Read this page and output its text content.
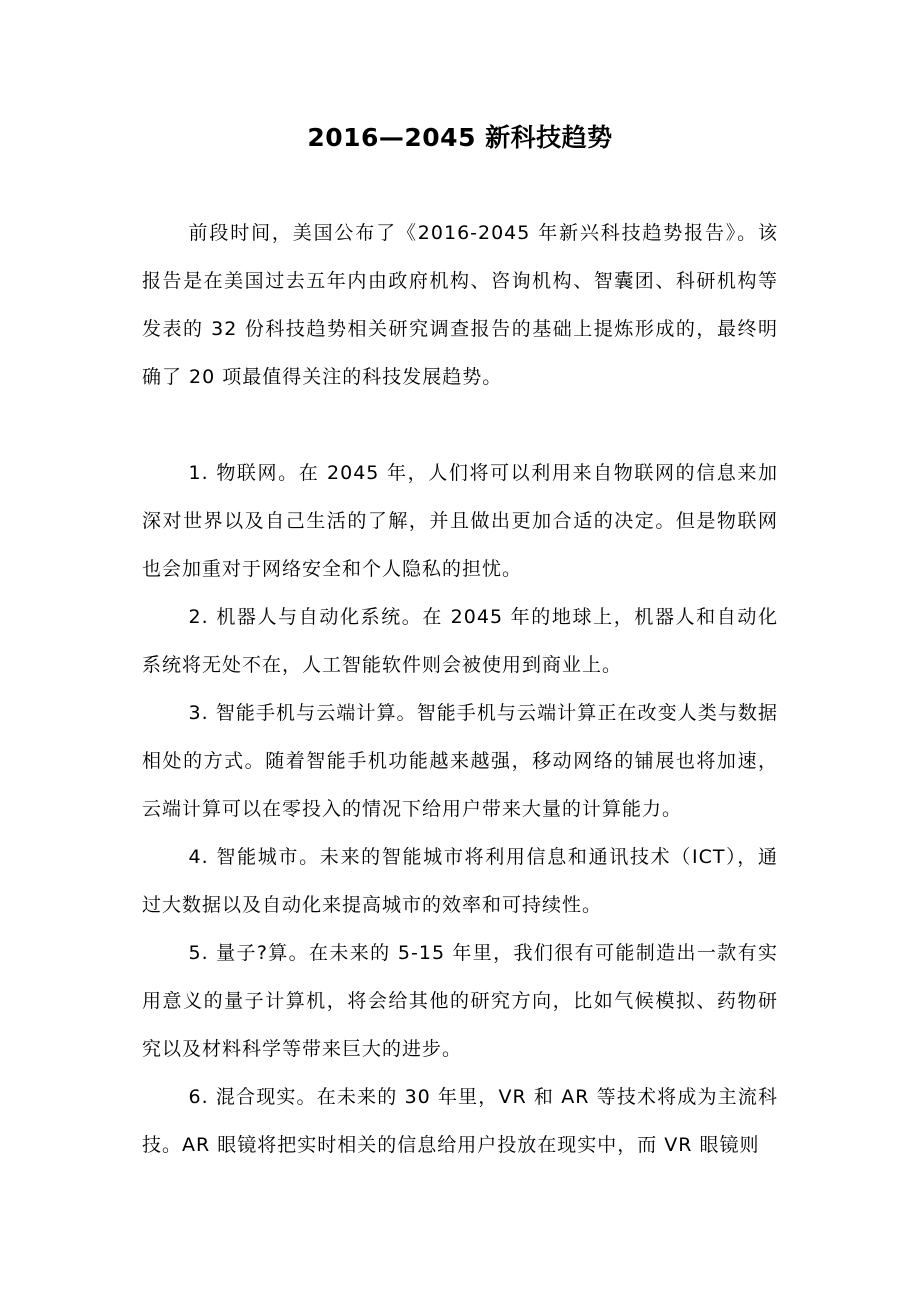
2016—2045 新科技趋势

前段时间，美国公布了《2016-2045 年新兴科技趋势报告》。该报告是在美国过去五年内由政府机构、咨询机构、智囊团、科研机构等发表的 32 份科技趋势相关研究调查报告的基础上提炼形成的，最终明确了 20 项最值得关注的科技发展趋势。

1. 物联网。在 2045 年，人们将可以利用来自物联网的信息来加深对世界以及自己生活的了解，并且做出更加合适的决定。但是物联网也会加重对于网络安全和个人隐私的担忧。

2. 机器人与自动化系统。在 2045 年的地球上，机器人和自动化系统将无处不在，人工智能软件则会被使用到商业上。

3. 智能手机与云端计算。智能手机与云端计算正在改变人类与数据相处的方式。随着智能手机功能越来越强，移动网络的铺展也将加速，云端计算可以在零投入的情况下给用户带来大量的计算能力。

4. 智能城市。未来的智能城市将利用信息和通讯技术（ICT），通过大数据以及自动化来提高城市的效率和可持续性。

5. 量子?算。在未来的 5-15 年里，我们很有可能制造出一款有实用意义的量子计算机，将会给其他的研究方向，比如气候模拟、药物研究以及材料科学等带来巨大的进步。

6. 混合现实。在未来的 30 年里，VR 和 AR 等技术将成为主流科技。AR 眼镜将把实时相关的信息给用户投放在现实中，而 VR 眼镜则
